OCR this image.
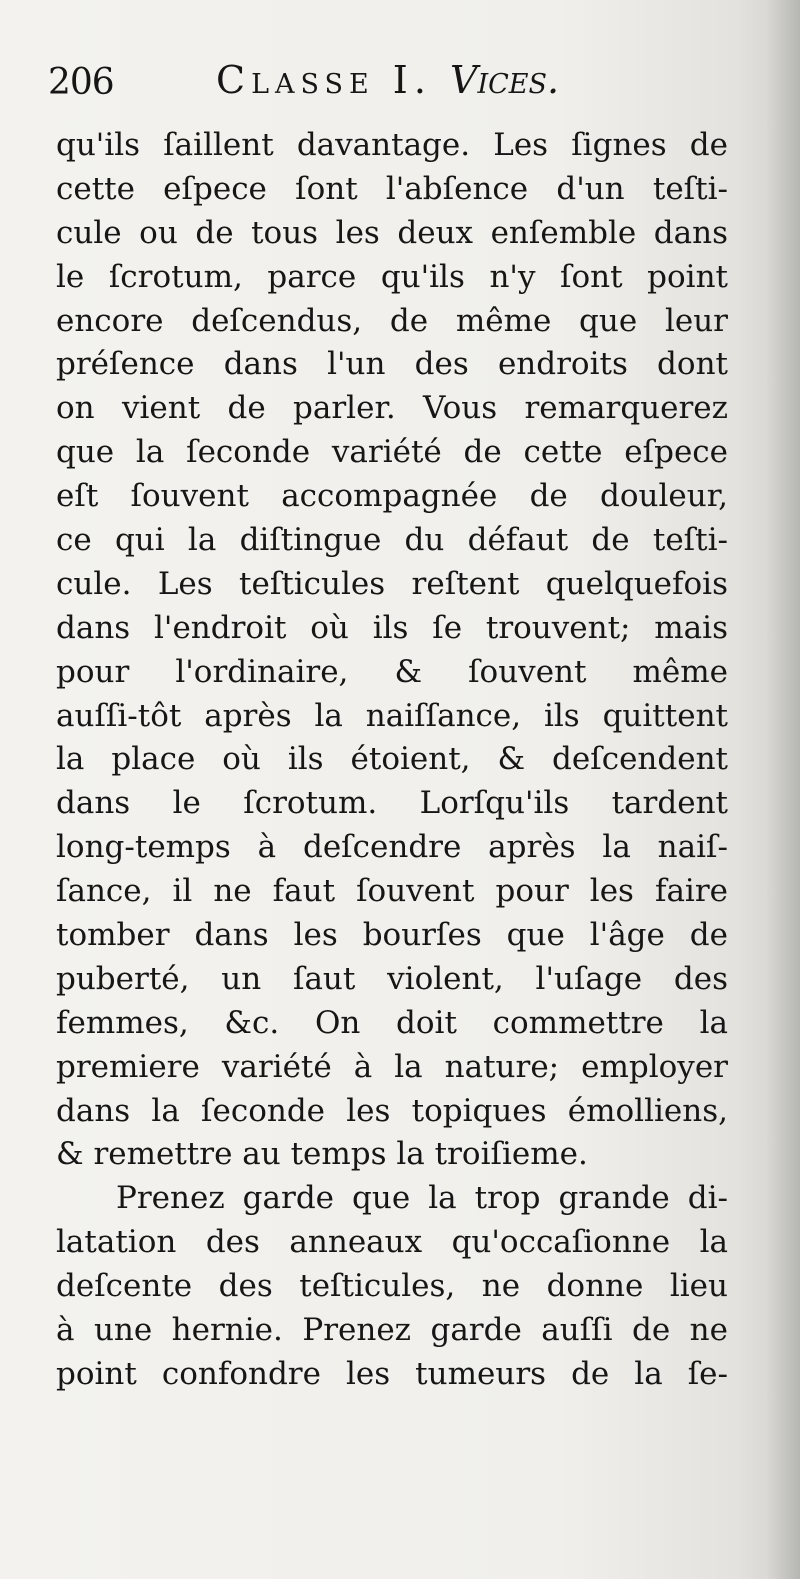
206	Classe I. Vices.
qu'ils ſaillent davantage. Les ſignes de
cette eſpece ſont l'abſence d'un teſti-
cule ou de tous les deux enſemble dans
le ſcrotum, parce qu'ils n'y ſont point
encore deſcendus, de même que leur
préſence dans l'un des endroits dont
on vient de parler. Vous remarquerez
que la ſeconde variété de cette eſpece
eſt ſouvent accompagnée de douleur,
ce qui la diſtingue du défaut de teſti-
cule. Les teſticules reſtent quelquefois
dans l'endroit où ils ſe trouvent; mais
pour l'ordinaire, & ſouvent même
auſſi-tôt après la naiſſance, ils quittent
la place où ils étoient, & deſcendent
dans le ſcrotum. Lorſqu'ils tardent
long-temps à deſcendre après la naiſ-
ſance, il ne faut ſouvent pour les faire
tomber dans les bourſes que l'âge de
puberté, un ſaut violent, l'uſage des
femmes, &c. On doit commettre la
premiere variété à la nature; employer
dans la ſeconde les topiques émolliens,
& remettre au temps la troiſieme.
Prenez garde que la trop grande di-
latation des anneaux qu'occaſionne la
deſcente des teſticules, ne donne lieu
à une hernie. Prenez garde auſſi de ne
point confondre les tumeurs de la ſe-
